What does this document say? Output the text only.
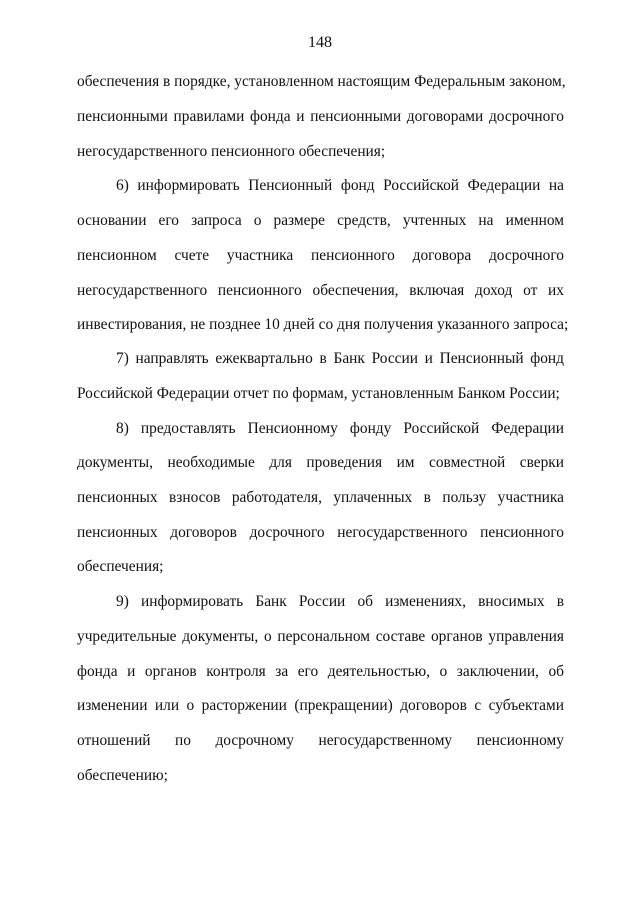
148
обеспечения в порядке, установленном настоящим Федеральным законом,
пенсионными правилами фонда и пенсионными договорами досрочного
негосударственного пенсионного обеспечения;
6) информировать Пенсионный фонд Российской Федерации на
основании его запроса о размере средств, учтенных на именном
пенсионном счете участника пенсионного договора досрочного
негосударственного пенсионного обеспечения, включая доход от их
инвестирования, не позднее 10 дней со дня получения указанного запроса;
7) направлять ежеквартально в Банк России и Пенсионный фонд
Российской Федерации отчет по формам, установленным Банком России;
8) предоставлять Пенсионному фонду Российской Федерации
документы, необходимые для проведения им совместной сверки
пенсионных взносов работодателя, уплаченных в пользу участника
пенсионных договоров досрочного негосударственного пенсионного
обеспечения;
9) информировать Банк России об изменениях, вносимых в
учредительные документы, о персональном составе органов управления
фонда и органов контроля за его деятельностью, о заключении, об
изменении или о расторжении (прекращении) договоров с субъектами
отношений по досрочному негосударственному пенсионному
обеспечению;
